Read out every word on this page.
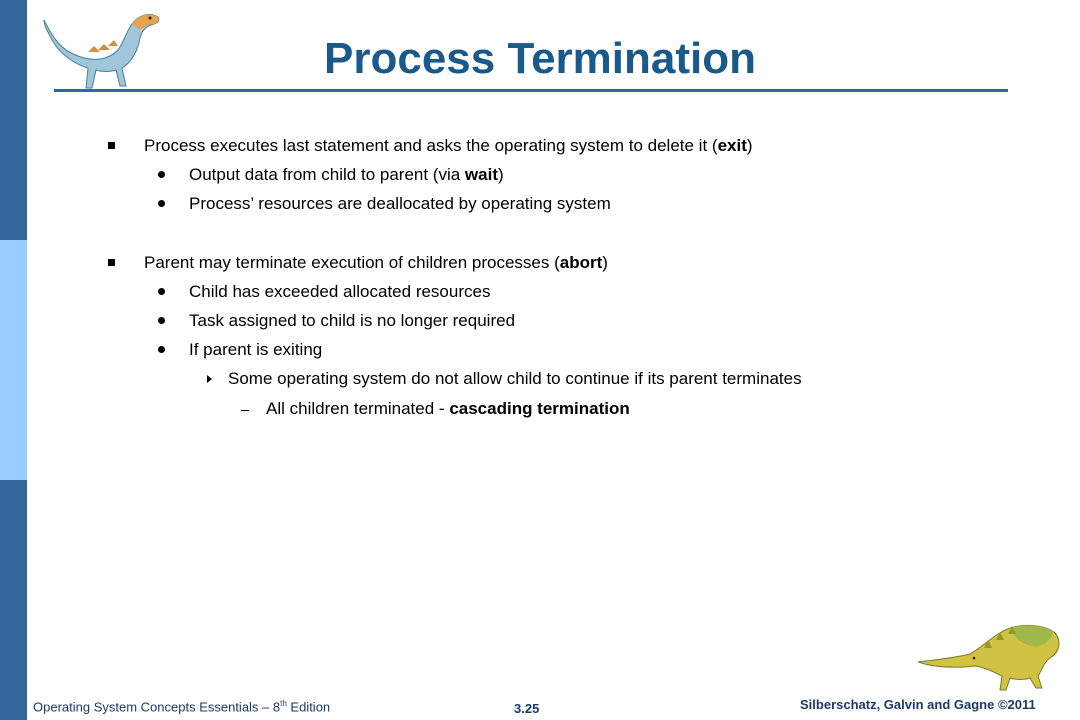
Process Termination
Process executes last statement and asks the operating system to delete it (exit)
Output data from child to parent (via wait)
Process’ resources are deallocated by operating system
Parent may terminate execution of children processes (abort)
Child has exceeded allocated resources
Task assigned to child is no longer required
If parent is exiting
Some operating system do not allow child to continue if its parent terminates
All children terminated - cascading termination
Operating System Concepts Essentials – 8th Edition	3.25	Silberschatz, Galvin and Gagne ©2011
